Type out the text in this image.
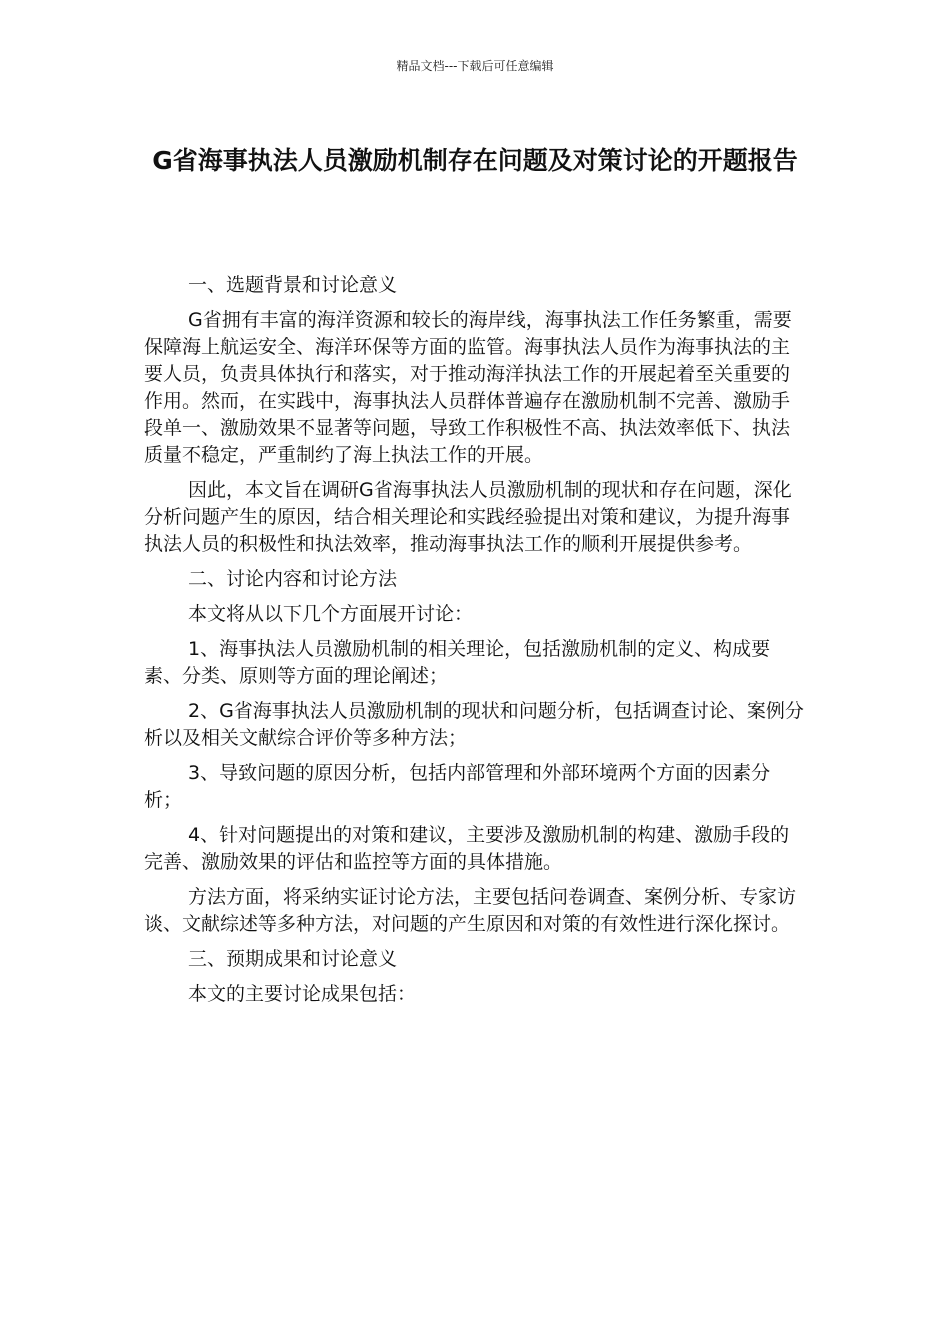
精品文档---下载后可任意编辑
G省海事执法人员激励机制存在问题及对策讨论的开题报告

一、选题背景和讨论意义

G省拥有丰富的海洋资源和较长的海岸线，海事执法工作任务繁重，需要保障海上航运安全、海洋环保等方面的监管。海事执法人员作为海事执法的主要人员，负责具体执行和落实，对于推动海洋执法工作的开展起着至关重要的作用。然而，在实践中，海事执法人员群体普遍存在激励机制不完善、激励手段单一、激励效果不显著等问题，导致工作积极性不高、执法效率低下、执法质量不稳定，严重制约了海上执法工作的开展。

因此，本文旨在调研G省海事执法人员激励机制的现状和存在问题，深化分析问题产生的原因，结合相关理论和实践经验提出对策和建议，为提升海事执法人员的积极性和执法效率，推动海事执法工作的顺利开展提供参考。

二、讨论内容和讨论方法

本文将从以下几个方面展开讨论：

1、海事执法人员激励机制的相关理论，包括激励机制的定义、构成要素、分类、原则等方面的理论阐述；

2、G省海事执法人员激励机制的现状和问题分析，包括调查讨论、案例分析以及相关文献综合评价等多种方法；

3、导致问题的原因分析，包括内部管理和外部环境两个方面的因素分析；

4、针对问题提出的对策和建议，主要涉及激励机制的构建、激励手段的完善、激励效果的评估和监控等方面的具体措施。

方法方面，将采纳实证讨论方法，主要包括问卷调查、案例分析、专家访谈、文献综述等多种方法，对问题的产生原因和对策的有效性进行深化探讨。

三、预期成果和讨论意义

本文的主要讨论成果包括：
